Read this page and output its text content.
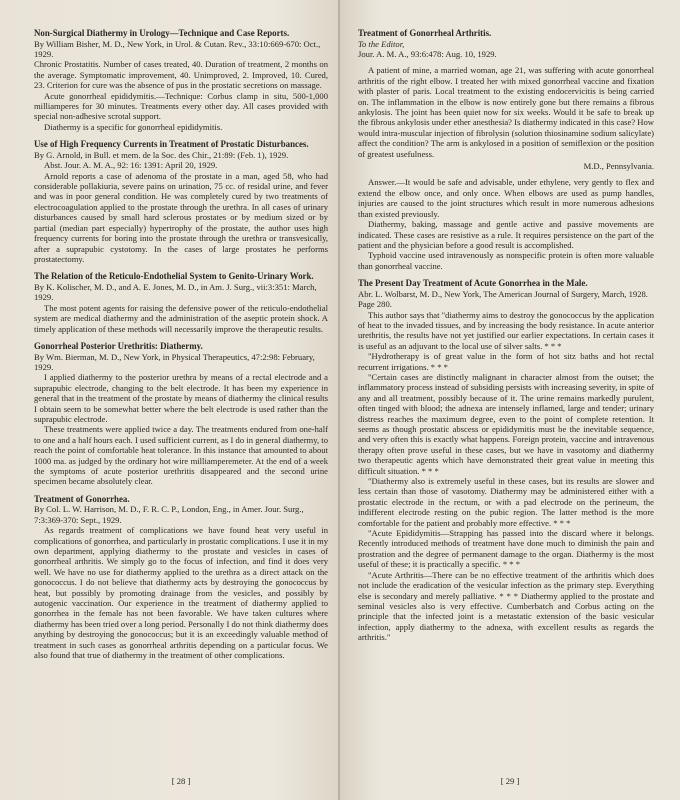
Non-Surgical Diathermy in Urology—Technique and Case Reports.

By William Bisher, M. D., New York, in Urol. & Cutan. Rev., 33:10:669-670: Oct., 1929.

Chronic Prostatitis. Number of cases treated, 40. Duration of treatment, 2 months on the average. Symptomatic improvement, 40. Unimproved, 2. Improved, 10. Cured, 23. Criterion for cure was the absence of pus in the prostatic secretions on massage.

Acute gonorrheal epididymitis.—Technique: Corbus clamp in situ, 500-1,000 milliamperes for 30 minutes. Treatments every other day. All cases provided with special non-adhesive scrotal support.

Diathermy is a specific for gonorrheal epididymitis.

Use of High Frequency Currents in Treatment of Prostatic Disturbances.

By G. Arnold, in Bull. et mem. de la Soc. des Chir., 21:89: (Feb. 1), 1929.

Abst. Jour. A. M. A., 92: 16: 1391: April 20, 1929.

Arnold reports a case of adenoma of the prostate in a man, aged 58, who had considerable pollakiuria, severe pains on urination, 75 cc. of residal urine, and fever and was in poor general condition. He was completely cured by two treatments of electrocoagulation applied to the prostate through the urethra. In all cases of urinary disturbances caused by small hard sclerous prostates or by medium sized or by partial (median part especially) hypertrophy of the prostate, the author uses high frequency currents for boring into the prostate through the urethra or transvesically, after a suprapubic cystotomy. In the cases of large prostates he performs prostatectomy.

The Relation of the Reticulo-Endothelial System to Genito-Urinary Work.

By K. Kolischer, M. D., and A. E. Jones, M. D., in Am. J. Surg., vii:3:351: March, 1929.

The most potent agents for raising the defensive power of the reticulo-endothelial system are medical diathermy and the administration of the aseptic protein shock. A timely application of these methods will necessarily improve the therapeutic results.

Gonorrheal Posterior Urethritis: Diathermy.

By Wm. Bierman, M. D., New York, in Physical Therapeutics, 47:2:98: February, 1929.

I applied diathermy to the posterior urethra by means of a rectal electrode and a suprapubic electrode, changing to the belt electrode. It has been my experience in general that in the treatment of the prostate by means of diathermy the clinical results I obtain seem to be somewhat better where the belt electrode is used rather than the suprapubic electrode.

These treatments were applied twice a day. The treatments endured from one-half to one and a half hours each. I used sufficient current, as I do in general diathermy, to reach the point of comfortable heat tolerance. In this instance that amounted to about 1000 ma. as judged by the ordinary hot wire milliamperemeter. At the end of a week the symptoms of acute posterior urethritis disappeared and the second urine specimen became absolutely clear.

Treatment of Gonorrhea.

By Col. L. W. Harrison, M. D., F. R. C. P., London, Eng., in Amer. Jour. Surg., 7:3:369-370: Sept., 1929.

As regards treatment of complications we have found heat very useful in complications of gonorrhea, and particularly in prostatic complications. I use it in my own department, applying diathermy to the prostate and vesicles in cases of gonorrheal arthritis. We simply go to the focus of infection, and find it does very well. We have no use for diathermy applied to the urethra as a direct attack on the gonococcus. I do not believe that diathermy acts by destroying the gonococcus by heat, but possibly by promoting drainage from the vesicles, and possibly by autogenic vaccination. Our experience in the treatment of diathermy applied to gonorrhea in the female has not been favorable. We have taken cultures where diathermy has been tried over a long period. Personally I do not think diathermy does anything by destroying the gonococcus; but it is an exceedingly valuable method of treatment in such cases as gonorrheal arthritis depending on a particular focus. We also found that true of diathermy in the treatment of other complications.

[ 28 ]

Treatment of Gonorrheal Arthritis.

To the Editor,

Jour. A. M. A., 93:6:478: Aug. 10, 1929.

A patient of mine, a married woman, age 21, was suffering with acute gonorrheal arthritis of the right elbow. I treated her with mixed gonorrheal vaccine and fixation with plaster of paris. Local treatment to the existing endocervicitis is being carried on. The inflammation in the elbow is now entirely gone but there remains a fibrous ankylosis. The joint has been quiet now for six weeks. Would it be safe to break up the fibrous ankylosis under ether anesthesia? Is diathermy indicated in this case? How would intra-muscular injection of fibrolysin (solution thiosinamine sodium salicylate) affect the condition? The arm is ankylosed in a position of semiflexion or the position of greatest usefulness.

M.D., Pennsylvania.

Answer.—It would be safe and advisable, under ethylene, very gently to flex and extend the elbow once, and only once. When elbows are used as pump handles, injuries are caused to the joint structures which result in more numerous adhesions than existed previously.

Diathermy, baking, massage and gentle active and passive movements are indicated. These cases are resistive as a rule. It requires persistence on the part of the patient and the physician before a good result is accomplished.

Typhoid vaccine used intravenously as nonspecific protein is often more valuable than gonorrheal vaccine.

The Present Day Treatment of Acute Gonorrhea in the Male.

Abr. L. Wolbarst, M. D., New York, The American Journal of Surgery, March, 1928. Page 280.

This author says that "diathermy aims to destroy the gonococcus by the application of heat to the invaded tissues, and by increasing the body resistance. In acute anterior urethritis, the results have not yet justified our earlier expectations. In certain cases it is useful as an adjuvant to the local use of silver salts. * * *

"Hydrotherapy is of great value in the form of hot sitz baths and hot rectal recurrent irrigations. * * *

"Certain cases are distinctly malignant in character almost from the outset; the inflammatory process instead of subsiding persists with increasing severity, in spite of any and all treatment, possibly because of it. The urine remains markedly purulent, often tinged with blood; the adnexa are intensely inflamed, large and tender; urinary distress reaches the maximum degree, even to the point of complete retention. It seems as though prostatic abscess or epididymitis must be the inevitable sequence, and very often this is exactly what happens. Foreign protein, vaccine and intravenous therapy often prove useful in these cases, but we have in vasotomy and diathermy two therapeutic agents which have demonstrated their great value in meeting this difficult situation. * * *

"Diathermy also is extremely useful in these cases, but its results are slower and less certain than those of vasotomy. Diathermy may be administered either with a prostatic electrode in the rectum, or with a pad electrode on the perineum, the indifferent electrode resting on the pubic region. The latter method is the more comfortable for the patient and probably more effective. * * *

"Acute Epididymitis—Strapping has passed into the discard where it belongs. Recently introduced methods of treatment have done much to diminish the pain and prostration and the degree of permanent damage to the organ. Diathermy is the most useful of these; it is practically a specific. * * *

"Acute Arthritis—There can be no effective treatment of the arthritis which does not include the eradication of the vesicular infection as the primary step. Everything else is secondary and merely palliative. * * * Diathermy applied to the prostate and seminal vesicles also is very effective. Cumberbatch and Corbus acting on the principle that the infected joint is a metastatic extension of the basic vesicular infection, apply diathermy to the adnexa, with excellent results as regards the arthritis."

[ 29 ]
